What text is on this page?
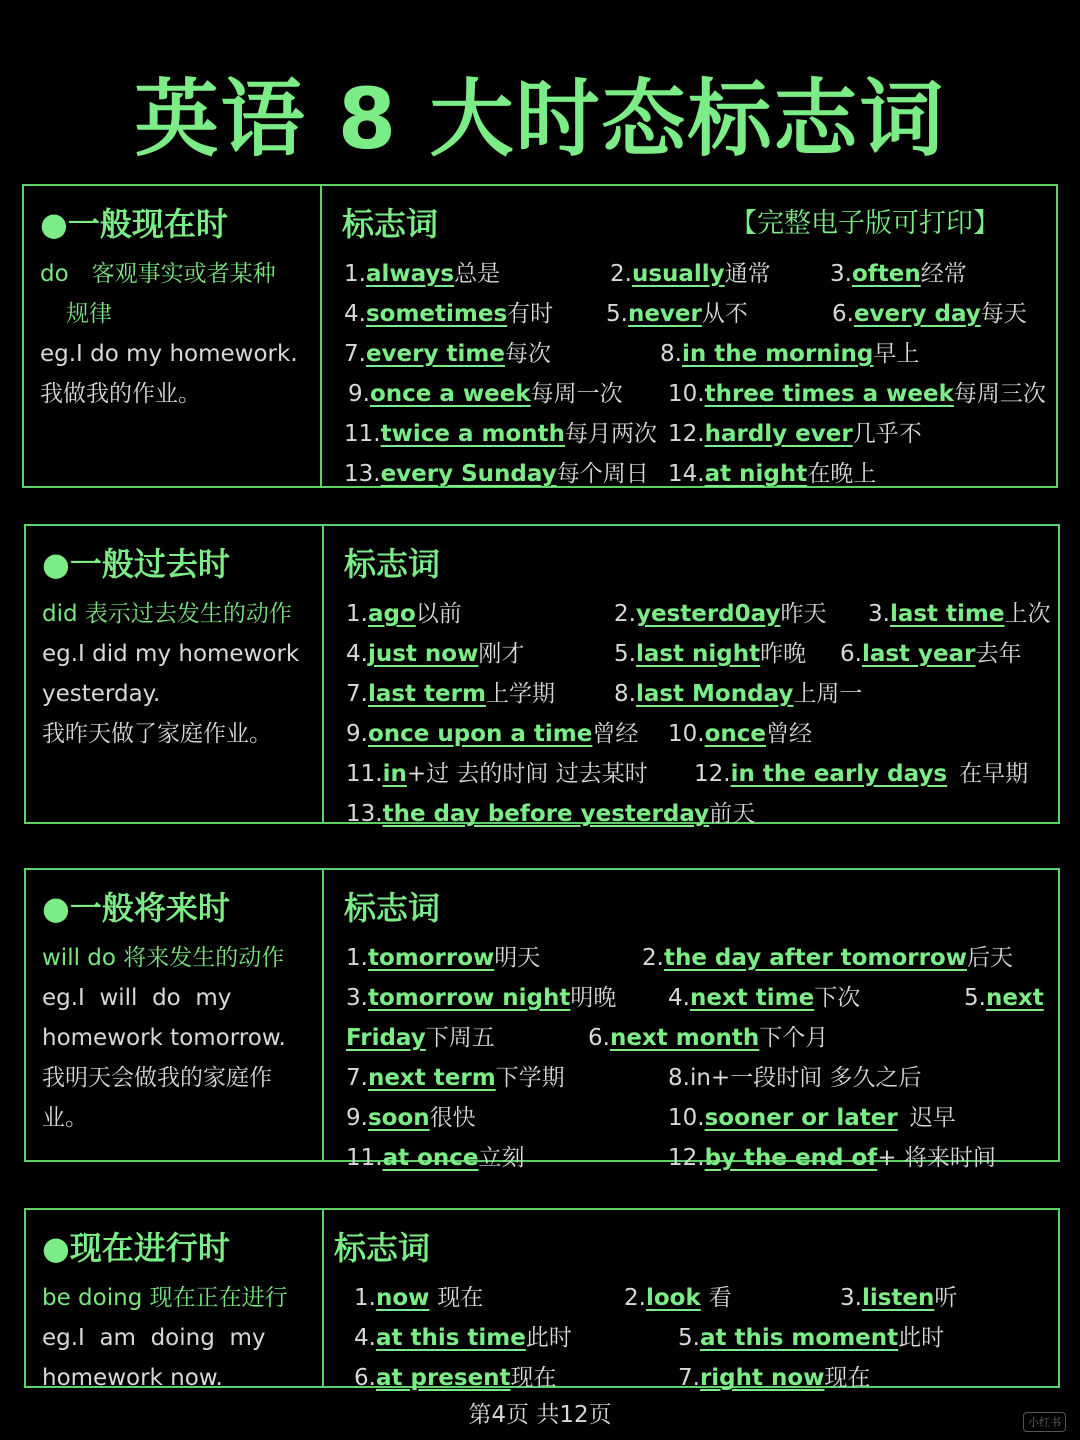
英语 8 大时态标志词
●一般现在时
do　客观事实或者某种
规律
eg.I do my homework.
我做我的作业。
标志词	【完整电子版可打印】
1.always总是	2.usually通常	3.often经常
4.sometimes有时 5.never从不	6.every day每天
7.every time每次	8.in the morning早上
9.once a week每周一次 10.three times a week每周三次
11.twice a month每月两次 12.hardly ever几乎不
13.every Sunday每个周日 14.at night在晚上
●一般过去时
did 表示过去发生的动作
eg.I did my homework
yesterday.
我昨天做了家庭作业。
标志词
1.ago以前	2.yesterd0ay昨天 3.last time上次
4.just now刚才	5.last night昨晚 6.last year去年
7.last term上学期	8.last Monday上周一
9.once upon a time曾经 10.once曾经
11.in+过 去的时间 过去某时 12.in the early days 在早期
13.the day before yesterday前天
●一般将来时
will do 将来发生的动作
eg.I  will  do  my
homework tomorrow.
我明天会做我的家庭作
业。
标志词
1.tomorrow明天	2.the day after tomorrow后天
3.tomorrow night明晚 4.next time下次	5.next
Friday下周五	6.next month下个月
7.next term下学期	8.in+一段时间 多久之后
9.soon很快	10.sooner or later 迟早
11.at once立刻	12.by the end of+ 将来时间
●现在进行时
be doing 现在正在进行
eg.I  am  doing  my
homework now.
标志词
1.now 现在	2.look 看	3.listen听
4.at this time此时	5.at this moment此时
6.at present现在	7.right now现在
第4页 共12页	小红书
